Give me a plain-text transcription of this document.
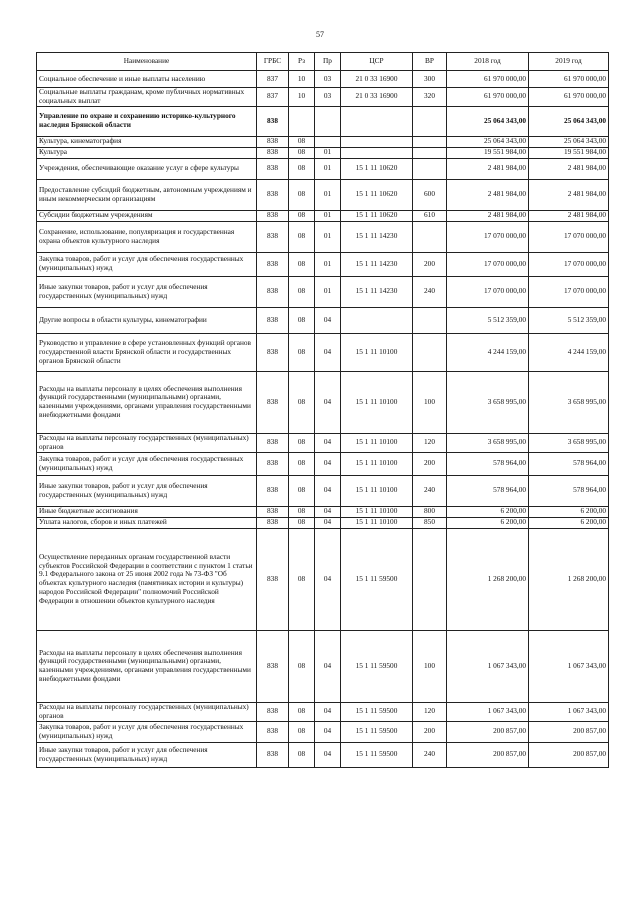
57
Наименование	ГРБС	Рз	Пр	ЦСР	ВР	2018 год	2019 год
Социальное обеспечение и иные выплаты населению	837	10	03	21 0 33 16900	300	61 970 000,00	61 970 000,00
Социальные выплаты гражданам, кроме публичных нормативных социальных выплат	837	10	03	21 0 33 16900	320	61 970 000,00	61 970 000,00
Управление по охране и сохранению историко-культурного наследия Брянской области	838					25 064 343,00	25 064 343,00
Культура, кинематография	838	08				25 064 343,00	25 064 343,00
Культура	838	08	01			19 551 984,00	19 551 984,00
Учреждения, обеспечивающие оказание услуг в сфере культуры	838	08	01	15 1 11 10620		2 481 984,00	2 481 984,00
Предоставление субсидий бюджетным, автономным учреждениям и иным некоммерческим организациям	838	08	01	15 1 11 10620	600	2 481 984,00	2 481 984,00
Субсидии бюджетным учреждениям	838	08	01	15 1 11 10620	610	2 481 984,00	2 481 984,00
Сохранение, использование, популяризация и государственная охрана объектов культурного наследия	838	08	01	15 1 11 14230		17 070 000,00	17 070 000,00
Закупка товаров, работ и услуг для обеспечения государственных (муниципальных) нужд	838	08	01	15 1 11 14230	200	17 070 000,00	17 070 000,00
Иные закупки товаров, работ и услуг для обеспечения государственных (муниципальных) нужд	838	08	01	15 1 11 14230	240	17 070 000,00	17 070 000,00
Другие вопросы в области культуры, кинематографии	838	08	04			5 512 359,00	5 512 359,00
Руководство и управление в сфере установленных функций органов государственной власти Брянской области и государственных органов Брянской области	838	08	04	15 1 11 10100		4 244 159,00	4 244 159,00
Расходы на выплаты персоналу в целях обеспечения выполнения функций государственными (муниципальными) органами, казенными учреждениями, органами управления государственными внебюджетными фондами	838	08	04	15 1 11 10100	100	3 658 995,00	3 658 995,00
Расходы на выплаты персоналу государственных (муниципальных) органов	838	08	04	15 1 11 10100	120	3 658 995,00	3 658 995,00
Закупка товаров, работ и услуг для обеспечения государственных (муниципальных) нужд	838	08	04	15 1 11 10100	200	578 964,00	578 964,00
Иные закупки товаров, работ и услуг для обеспечения государственных (муниципальных) нужд	838	08	04	15 1 11 10100	240	578 964,00	578 964,00
Иные бюджетные ассигнования	838	08	04	15 1 11 10100	800	6 200,00	6 200,00
Уплата налогов, сборов и иных платежей	838	08	04	15 1 11 10100	850	6 200,00	6 200,00
Осуществление переданных органам государственной власти субъектов Российской Федерации в соответствии с пунктом 1 статьи 9.1 Федерального закона от 25 июня 2002 года № 73-ФЗ "Об объектах культурного наследия (памятниках истории и культуры) народов Российской Федерации" полномочий Российской Федерации в отношении объектов культурного наследия	838	08	04	15 1 11 59500		1 268 200,00	1 268 200,00
Расходы на выплаты персоналу в целях обеспечения выполнения функций государственными (муниципальными) органами, казенными учреждениями, органами управления государственными внебюджетными фондами	838	08	04	15 1 11 59500	100	1 067 343,00	1 067 343,00
Расходы на выплаты персоналу государственных (муниципальных) органов	838	08	04	15 1 11 59500	120	1 067 343,00	1 067 343,00
Закупка товаров, работ и услуг для обеспечения государственных (муниципальных) нужд	838	08	04	15 1 11 59500	200	200 857,00	200 857,00
Иные закупки товаров, работ и услуг для обеспечения государственных (муниципальных) нужд	838	08	04	15 1 11 59500	240	200 857,00	200 857,00
